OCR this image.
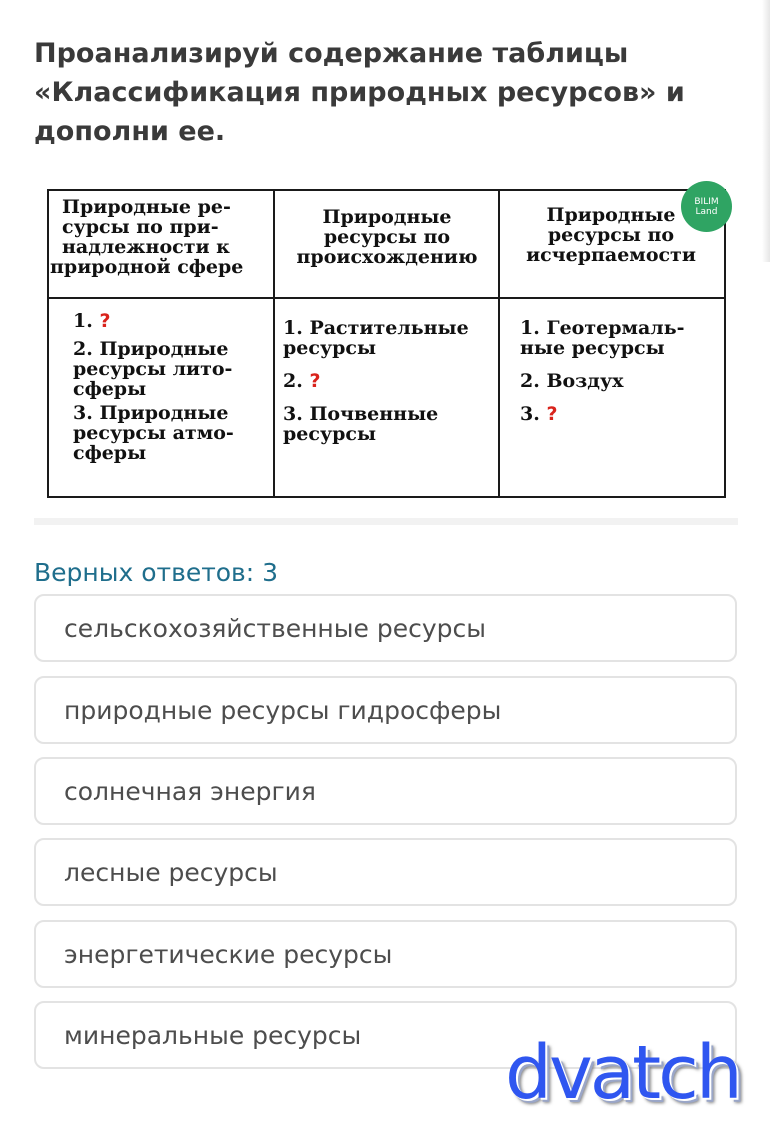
Проанализируй содержание таблицы
«Классификация природных ресурсов» и
дополни ее.
Природные ре-
сурсы по при-
надлежности к
природной сфере
Природные
ресурсы по
происхождению
Природные
ресурсы по
исчерпаемости
1. ?
2. Природные
ресурсы лито-
сферы
3. Природные
ресурсы атмо-
сферы
1. Растительные
ресурсы
2. ?
3. Почвенные
ресурсы
1. Геотермаль-
ные ресурсы
2. Воздух
3. ?
BILIM
Land
Верных ответов: 3
сельскохозяйственные ресурсы
природные ресурсы гидросферы
солнечная энергия
лесные ресурсы
энергетические ресурсы
минеральные ресурсы	dvatch
